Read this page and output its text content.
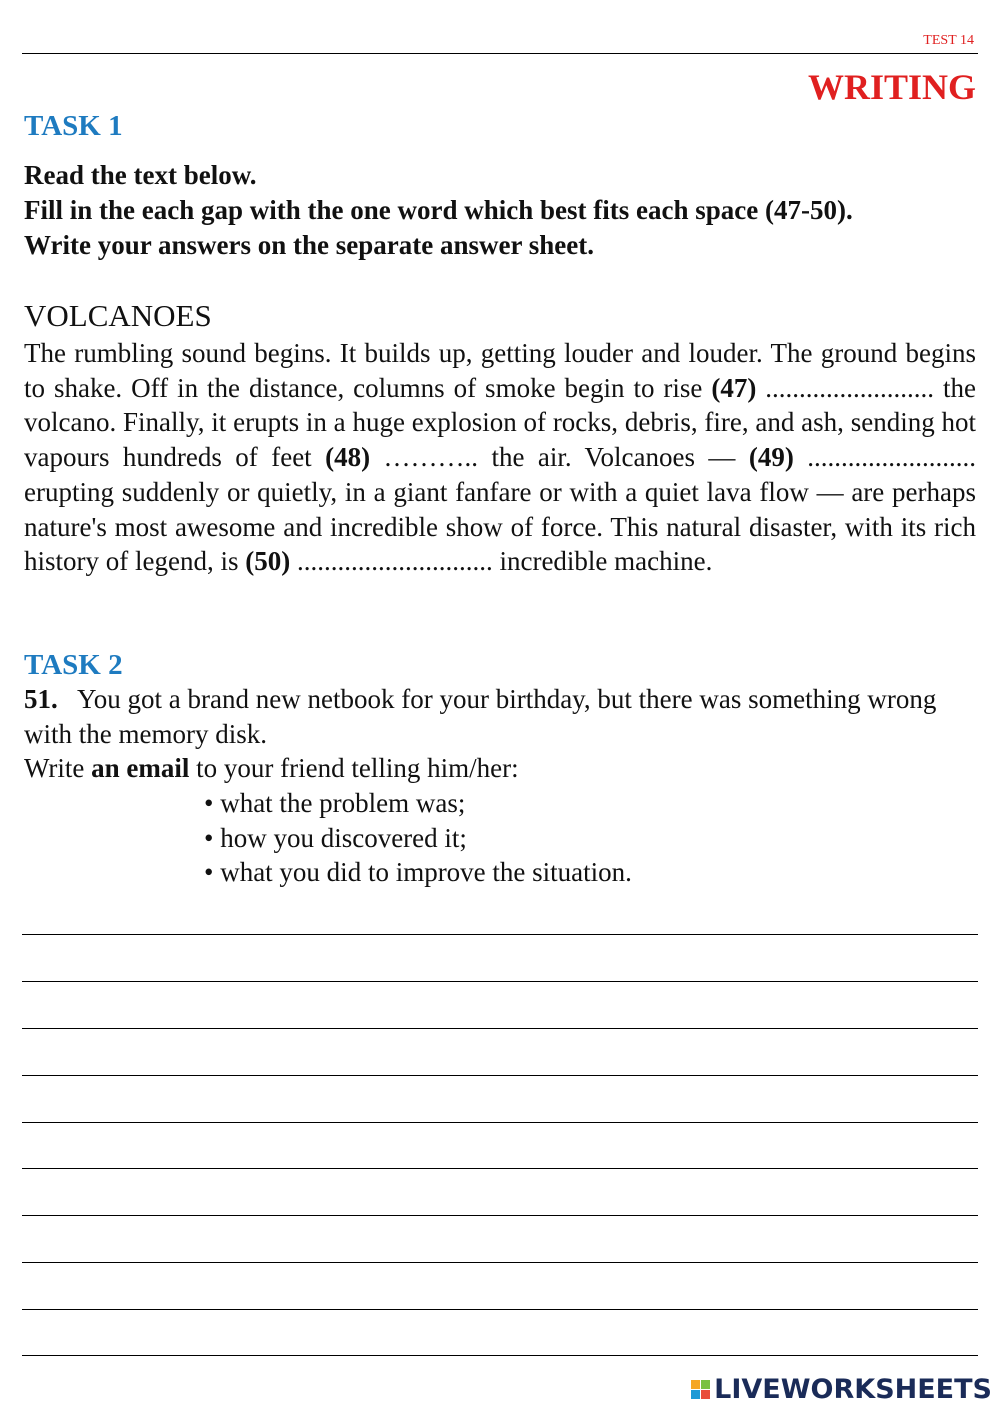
TEST 14
WRITING
TASK 1
Read the text below.
Fill in the each gap with the one word which best fits each space (47-50).
Write your answers on the separate answer sheet.
VOLCANOES
The rumbling sound begins. It builds up, getting louder and louder. The ground begins to shake. Off in the distance, columns of smoke begin to rise (47) ......................... the volcano. Finally, it erupts in a huge explosion of rocks, debris, fire, and ash, sending hot vapours hundreds of feet (48) ……….. the air. Volcanoes — (49) ......................... erupting suddenly or quietly, in a giant fanfare or with a quiet lava flow — are perhaps nature's most awesome and incredible show of force. This natural disaster, with its rich history of legend, is (50) ............................. incredible machine.
TASK 2
51. You got a brand new netbook for your birthday, but there was something wrong with the memory disk.
Write an email to your friend telling him/her:
• what the problem was;
• how you discovered it;
• what you did to improve the situation.
LIVEWORKSHEETS
